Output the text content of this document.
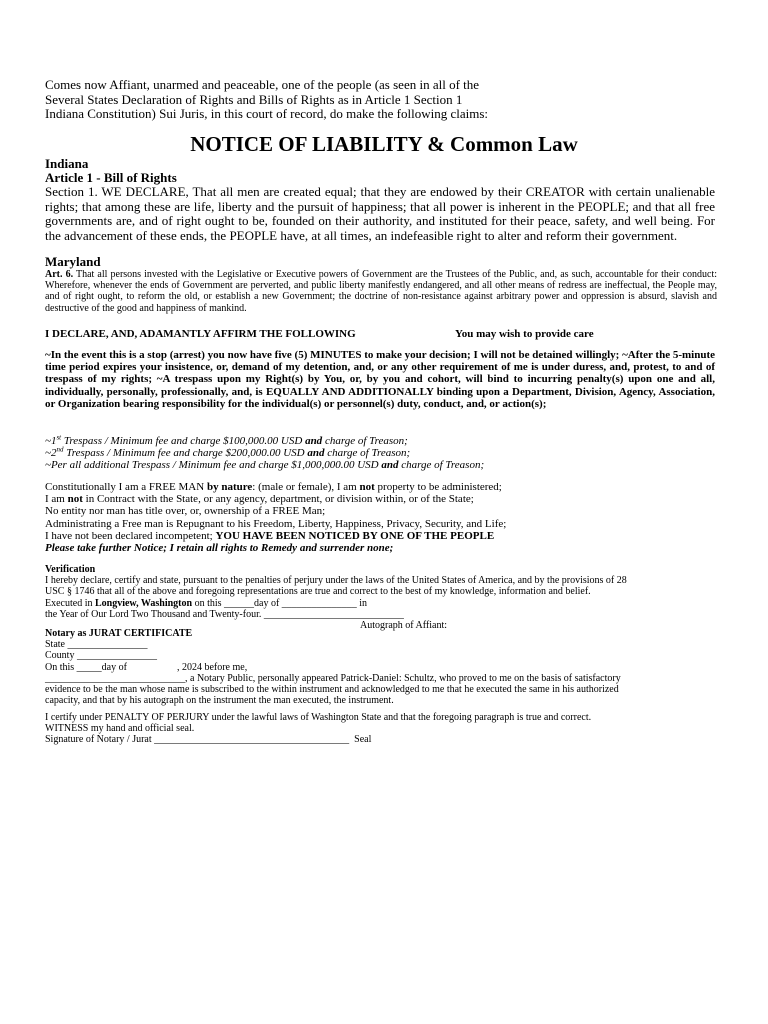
Comes now Affiant, unarmed and peaceable, one of the people (as seen in all of the
Several States Declaration of Rights and Bills of Rights as in Article 1 Section 1
Indiana Constitution) Sui Juris, in this court of record, do make the following claims:
NOTICE OF LIABILITY & Common Law
Indiana
Article 1 - Bill of Rights
Section 1. WE DECLARE, That all men are created equal; that they are endowed by their CREATOR with certain unalienable rights; that among these are life, liberty and the pursuit of happiness; that all power is inherent in the PEOPLE; and that all free governments are, and of right ought to be, founded on their authority, and instituted for their peace, safety, and well being. For the advancement of these ends, the PEOPLE have, at all times, an indefeasible right to alter and reform their government.
Maryland
Art. 6. That all persons invested with the Legislative or Executive powers of Government are the Trustees of the Public, and, as such, accountable for their conduct: Wherefore, whenever the ends of Government are perverted, and public liberty manifestly endangered, and all other means of redress are ineffectual, the People may, and of right ought, to reform the old, or establish a new Government; the doctrine of non-resistance against arbitrary power and oppression is absurd, slavish and destructive of the good and happiness of mankind.
I DECLARE, AND, ADAMANTLY AFFIRM THE FOLLOWING	You may wish to provide care
~In the event this is a stop (arrest) you now have five (5) MINUTES to make your decision; I will not be detained willingly; ~After the 5-minute time period expires your insistence, or, demand of my detention, and, or any other requirement of me is under duress, and, protest, to and of trespass of my rights; ~A trespass upon my Right(s) by You, or, by you and cohort, will bind to incurring penalty(s) upon one and all, individually, personally, professionally, and, is EQUALLY AND ADDITIONALLY binding upon a Department, Division, Agency, Association, or Organization bearing responsibility for the individual(s) or personnel(s) duty, conduct, and, or action(s);
~1st Trespass / Minimum fee and charge $100,000.00 USD and charge of Treason;
~2nd Trespass / Minimum fee and charge $200,000.00 USD and charge of Treason;
~Per all additional Trespass / Minimum fee and charge $1,000,000.00 USD and charge of Treason;
Constitutionally I am a FREE MAN by nature: (male or female), I am not property to be administered;
I am not in Contract with the State, or any agency, department, or division within, or of the State;
No entity nor man has title over, or, ownership of a FREE Man;
Administrating a Free man is Repugnant to his Freedom, Liberty, Happiness, Privacy, Security, and Life;
I have not been declared incompetent; YOU HAVE BEEN NOTICED BY ONE OF THE PEOPLE
Please take further Notice; I retain all rights to Remedy and surrender none;
Verification
I hereby declare, certify and state, pursuant to the penalties of perjury under the laws of the United States of America, and by the provisions of 28
USC § 1746 that all of the above and foregoing representations are true and correct to the best of my knowledge, information and belief.
Executed in Longview, Washington on this ______day of _______________ in
the Year of Our Lord Two Thousand and Twenty-four. ____________________________
Autograph of Affiant:
Notary as JURAT CERTIFICATE
State ________________
County ________________
On this _____day of                    , 2024 before me,
____________________________, a Notary Public, personally appeared Patrick-Daniel: Schultz, who proved to me on the basis of satisfactory
evidence to be the man whose name is subscribed to the within instrument and acknowledged to me that he executed the same in his authorized
capacity, and that by his autograph on the instrument the man executed, the instrument.
I certify under PENALTY OF PERJURY under the lawful laws of Washington State and that the foregoing paragraph is true and correct.
WITNESS my hand and official seal.
Signature of Notary / Jurat _______________________________________  Seal
